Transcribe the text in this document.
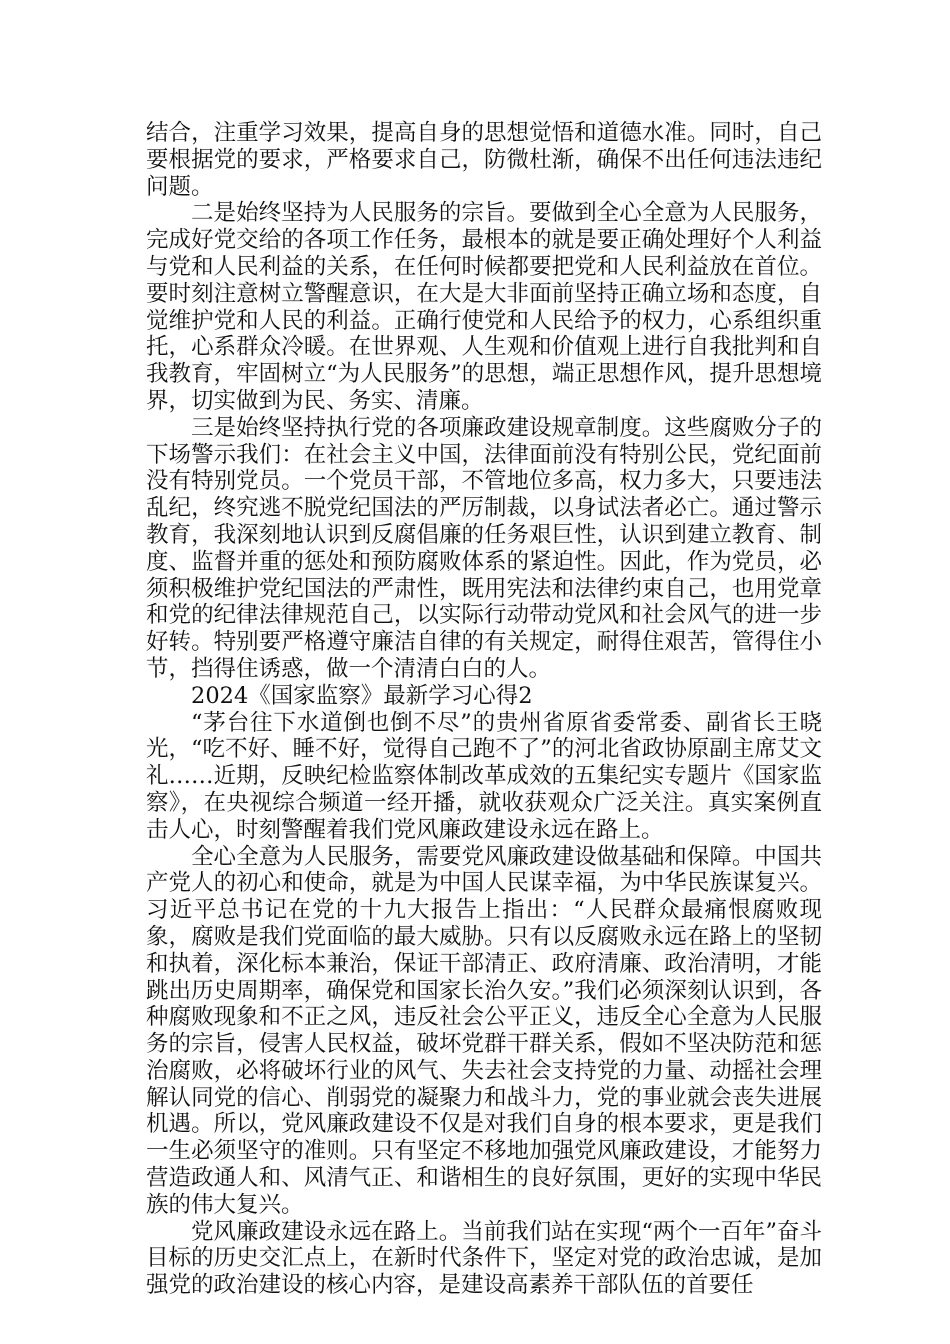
结合，注重学习效果，提高自身的思想觉悟和道德水准。同时，自己要根据党的要求，严格要求自己，防微杜渐，确保不出任何违法违纪问题。

二是始终坚持为人民服务的宗旨。要做到全心全意为人民服务，完成好党交给的各项工作任务，最根本的就是要正确处理好个人利益与党和人民利益的关系，在任何时候都要把党和人民利益放在首位。要时刻注意树立警醒意识，在大是大非面前坚持正确立场和态度，自觉维护党和人民的利益。正确行使党和人民给予的权力，心系组织重托，心系群众冷暖。在世界观、人生观和价值观上进行自我批判和自我教育，牢固树立“为人民服务”的思想，端正思想作风，提升思想境界，切实做到为民、务实、清廉。

三是始终坚持执行党的各项廉政建设规章制度。这些腐败分子的下场警示我们：在社会主义中国，法律面前没有特别公民，党纪面前没有特别党员。一个党员干部，不管地位多高，权力多大，只要违法乱纪，终究逃不脱党纪国法的严厉制裁，以身试法者必亡。通过警示教育，我深刻地认识到反腐倡廉的任务艰巨性，认识到建立教育、制度、监督并重的惩处和预防腐败体系的紧迫性。因此，作为党员，必须积极维护党纪国法的严肃性，既用宪法和法律约束自己，也用党章和党的纪律法律规范自己，以实际行动带动党风和社会风气的进一步好转。特别要严格遵守廉洁自律的有关规定，耐得住艰苦，管得住小节，挡得住诱惑，做一个清清白白的人。

2024《国家监察》最新学习心得2

“茅台往下水道倒也倒不尽”的贵州省原省委常委、副省长王晓光，“吃不好、睡不好，觉得自己跑不了”的河北省政协原副主席艾文礼……近期，反映纪检监察体制改革成效的五集纪实专题片《国家监察》，在央视综合频道一经开播，就收获观众广泛关注。真实案例直击人心，时刻警醒着我们党风廉政建设永远在路上。

全心全意为人民服务，需要党风廉政建设做基础和保障。中国共产党人的初心和使命，就是为中国人民谋幸福，为中华民族谋复兴。习近平总书记在党的十九大报告上指出：“人民群众最痛恨腐败现象，腐败是我们党面临的最大威胁。只有以反腐败永远在路上的坚韧和执着，深化标本兼治，保证干部清正、政府清廉、政治清明，才能跳出历史周期率，确保党和国家长治久安。”我们必须深刻认识到，各种腐败现象和不正之风，违反社会公平正义，违反全心全意为人民服务的宗旨，侵害人民权益，破坏党群干群关系，假如不坚决防范和惩治腐败，必将破坏行业的风气、失去社会支持党的力量、动摇社会理解认同党的信心、削弱党的凝聚力和战斗力，党的事业就会丧失进展机遇。所以，党风廉政建设不仅是对我们自身的根本要求，更是我们一生必须坚守的准则。只有坚定不移地加强党风廉政建设，才能努力营造政通人和、风清气正、和谐相生的良好氛围，更好的实现中华民族的伟大复兴。

党风廉政建设永远在路上。当前我们站在实现“两个一百年”奋斗目标的历史交汇点上，在新时代条件下，坚定对党的政治忠诚，是加强党的政治建设的核心内容，是建设高素养干部队伍的首要任
